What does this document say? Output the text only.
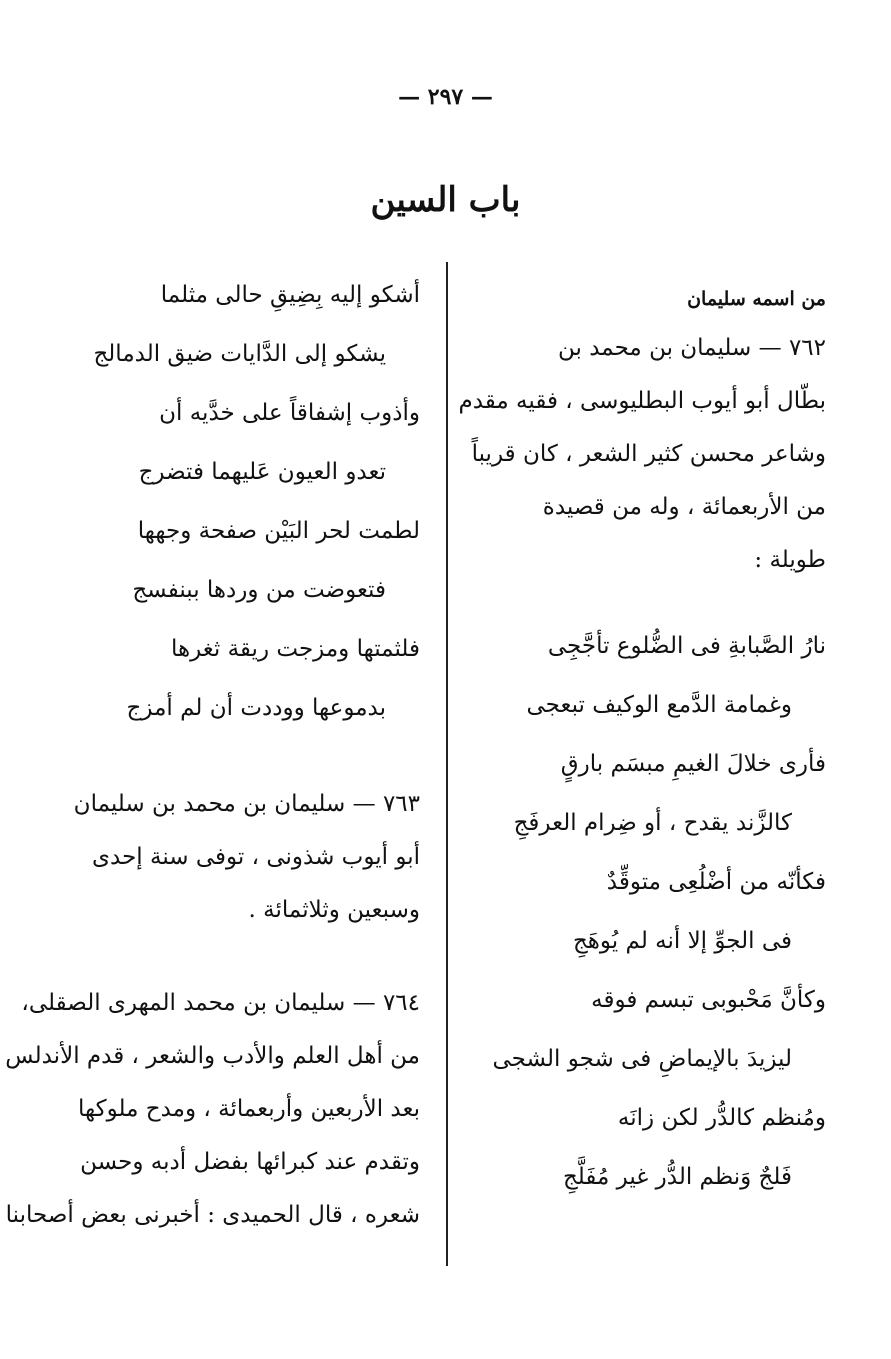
— ٢٩٧ —
باب السين
من اسمه سليمان
٧٦٢ — سليمان بن محمد بن
بطّال أبو أيوب البطليوسى ، فقيه مقدم
وشاعر محسن كثير الشعر ، كان قريباً
من الأربعمائة ، وله من قصيدة
طويلة :
نارُ الصَّبابةِ فى الضُّلوع تأجَّجِى
وغمامة الدَّمع الوكيف تبعجى
فأرى خلالَ الغيمِ مبسَم بارقٍ
كالزَّند يقدح ، أو ضِرام العرفَجِ
فكأنّه من أضْلُعِى متوقِّدٌ
فى الجوِّ إلا أنه لم يُوهَجِ
وكأنَّ مَحْبوبى تبسم فوقه
ليزيدَ بالإيماضِ فى شجو الشجى
ومُنظم كالدُّر لكن زانَه
فَلجٌ وَنظم الدُّر غير مُفَلَّجِ
أشكو إليه بِضِيقِ حالى مثلما
يشكو إلى الدَّايات ضيق الدمالج
وأذوب إشفاقاً على خدَّيه أن
تعدو العيون عَليهما فتضرج
لطمت لحر البَيْن صفحة وجهها
فتعوضت من وردها ببنفسج
فلثمتها ومزجت ريقة ثغرها
بدموعها ووددت أن لم أمزج
٧٦٣ — سليمان بن محمد بن سليمان
أبو أيوب شذونى ، توفى سنة إحدى
وسبعين وثلاثمائة .
٧٦٤ — سليمان بن محمد المهرى الصقلى،
من أهل العلم والأدب والشعر ، قدم الأندلس
بعد الأربعين وأربعمائة ، ومدح ملوكها
وتقدم عند كبرائها بفضل أدبه وحسن
شعره ، قال الحميدى : أخبرنى بعض أصحابنا
